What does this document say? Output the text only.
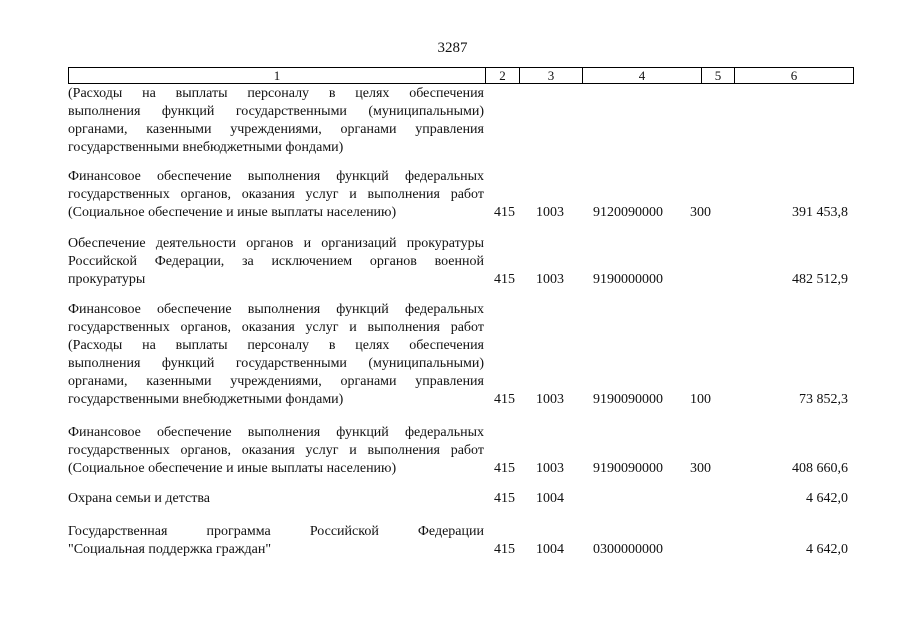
3287
1	2	3	4	5	6
(Расходы на выплаты персоналу в целях обеспечения
выполнения функций государственными (муниципальными)
органами, казенными учреждениями, органами управления
государственными внебюджетными фондами)
Финансовое обеспечение выполнения функций федеральных
государственных органов, оказания услуг и выполнения работ
(Социальное обеспечение и иные выплаты населению)	415 1003 9120090000 300	391 453,8
Обеспечение деятельности органов и организаций прокуратуры
Российской Федерации, за исключением органов военной
прокуратуры	415 1003 9190000000	482 512,9
Финансовое обеспечение выполнения функций федеральных
государственных органов, оказания услуг и выполнения работ
(Расходы на выплаты персоналу в целях обеспечения
выполнения функций государственными (муниципальными)
органами, казенными учреждениями, органами управления
государственными внебюджетными фондами)	415 1003 9190090000 100	73 852,3
Финансовое обеспечение выполнения функций федеральных
государственных органов, оказания услуг и выполнения работ
(Социальное обеспечение и иные выплаты населению)	415 1003 9190090000 300	408 660,6
Охрана семьи и детства	415 1004	4 642,0
Государственная программа Российской Федерации
"Социальная поддержка граждан"	415 1004 0300000000	4 642,0
